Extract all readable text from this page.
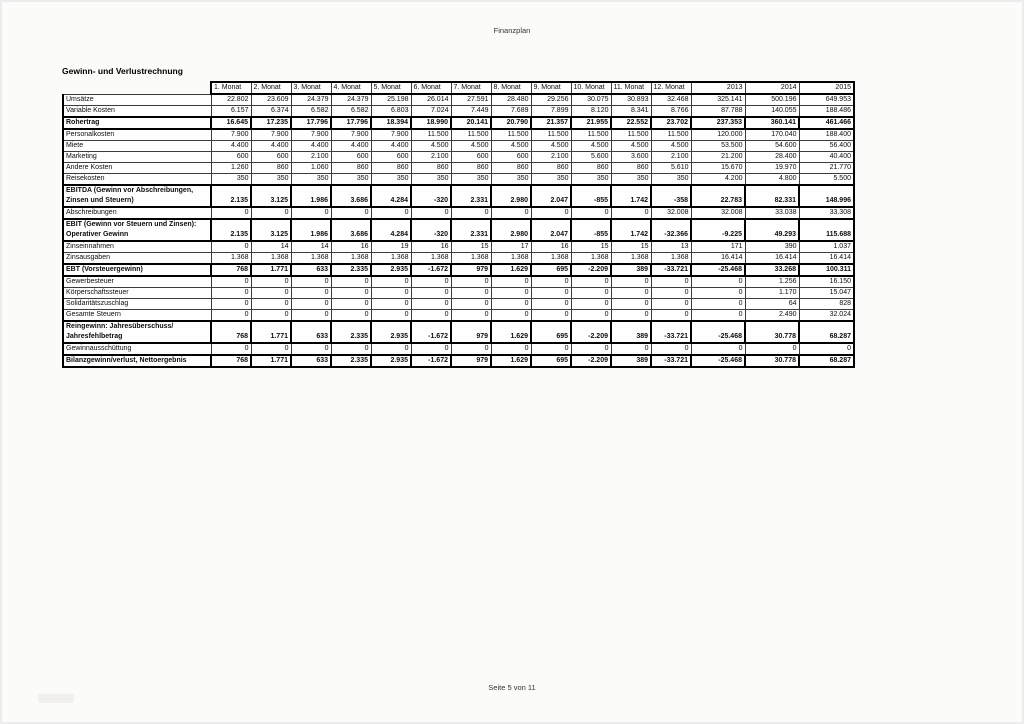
Finanzplan
Gewinn- und Verlustrechnung
	1. Monat	2. Monat	3. Monat	4. Monat	5. Monat	6. Monat	7. Monat	8. Monat	9. Monat	10. Monat	11. Monat	12. Monat	2013	2014	2015
Umsätze	22.802	23.609	24.379	24.379	25.198	26.014	27.591	28.480	29.256	30.075	30.893	32.468	325.141	500.196	649.953
Variable Kosten	6.157	6.374	6.582	6.582	6.803	7.024	7.449	7.689	7.899	8.120	8.341	8.766	87.788	140.055	188.486
Rohertrag	16.645	17.235	17.796	17.796	18.394	18.990	20.141	20.790	21.357	21.955	22.552	23.702	237.353	360.141	461.466
Personalkosten	7.900	7.900	7.900	7.900	7.900	11.500	11.500	11.500	11.500	11.500	11.500	11.500	120.000	170.040	188.400
Miete	4.400	4.400	4.400	4.400	4.400	4.500	4.500	4.500	4.500	4.500	4.500	4.500	53.500	54.600	56.400
Marketing	600	600	2.100	600	600	2.100	600	600	2.100	5.600	3.600	2.100	21.200	28.400	40.400
Andere Kosten	1.260	860	1.060	860	860	860	860	860	860	860	860	5.610	15.670	19.970	21.770
Reisekosten	350	350	350	350	350	350	350	350	350	350	350	350	4.200	4.800	5.500
EBITDA (Gewinn vor Abschreibungen, Zinsen und Steuern)	2.135	3.125	1.986	3.686	4.284	-320	2.331	2.980	2.047	-855	1.742	-358	22.783	82.331	148.996
Abschreibungen	0	0	0	0	0	0	0	0	0	0	0	32.008	32.008	33.038	33.308
EBIT (Gewinn vor Steuern und Zinsen): Operativer Gewinn	2.135	3.125	1.986	3.686	4.284	-320	2.331	2.980	2.047	-855	1.742	-32.366	-9.225	49.293	115.688
Zinseinnahmen	0	14	14	16	19	16	15	17	16	15	15	13	171	390	1.037
Zinsausgaben	1.368	1.368	1.368	1.368	1.368	1.368	1.368	1.368	1.368	1.368	1.368	1.368	16.414	16.414	16.414
EBT (Vorsteuergewinn)	768	1.771	633	2.335	2.935	-1.672	979	1.629	695	-2.209	389	-33.721	-25.468	33.268	100.311
Gewerbesteuer	0	0	0	0	0	0	0	0	0	0	0	0	0	1.256	16.150
Körperschaftssteuer	0	0	0	0	0	0	0	0	0	0	0	0	0	1.170	15.047
Solidaritätszuschlag	0	0	0	0	0	0	0	0	0	0	0	0	0	64	828
Gesamte Steuern	0	0	0	0	0	0	0	0	0	0	0	0	0	2.490	32.024
Reingewinn: Jahresüberschuss/ Jahresfehlbetrag	768	1.771	633	2.335	2.935	-1.672	979	1.629	695	-2.209	389	-33.721	-25.468	30.778	68.287
Gewinnausschüttung	0	0	0	0	0	0	0	0	0	0	0	0	0	0	0
Bilanzgewinn/verlust, Nettoergebnis	768	1.771	633	2.335	2.935	-1.672	979	1.629	695	-2.209	389	-33.721	-25.468	30.778	68.287
Seite 5 von 11
